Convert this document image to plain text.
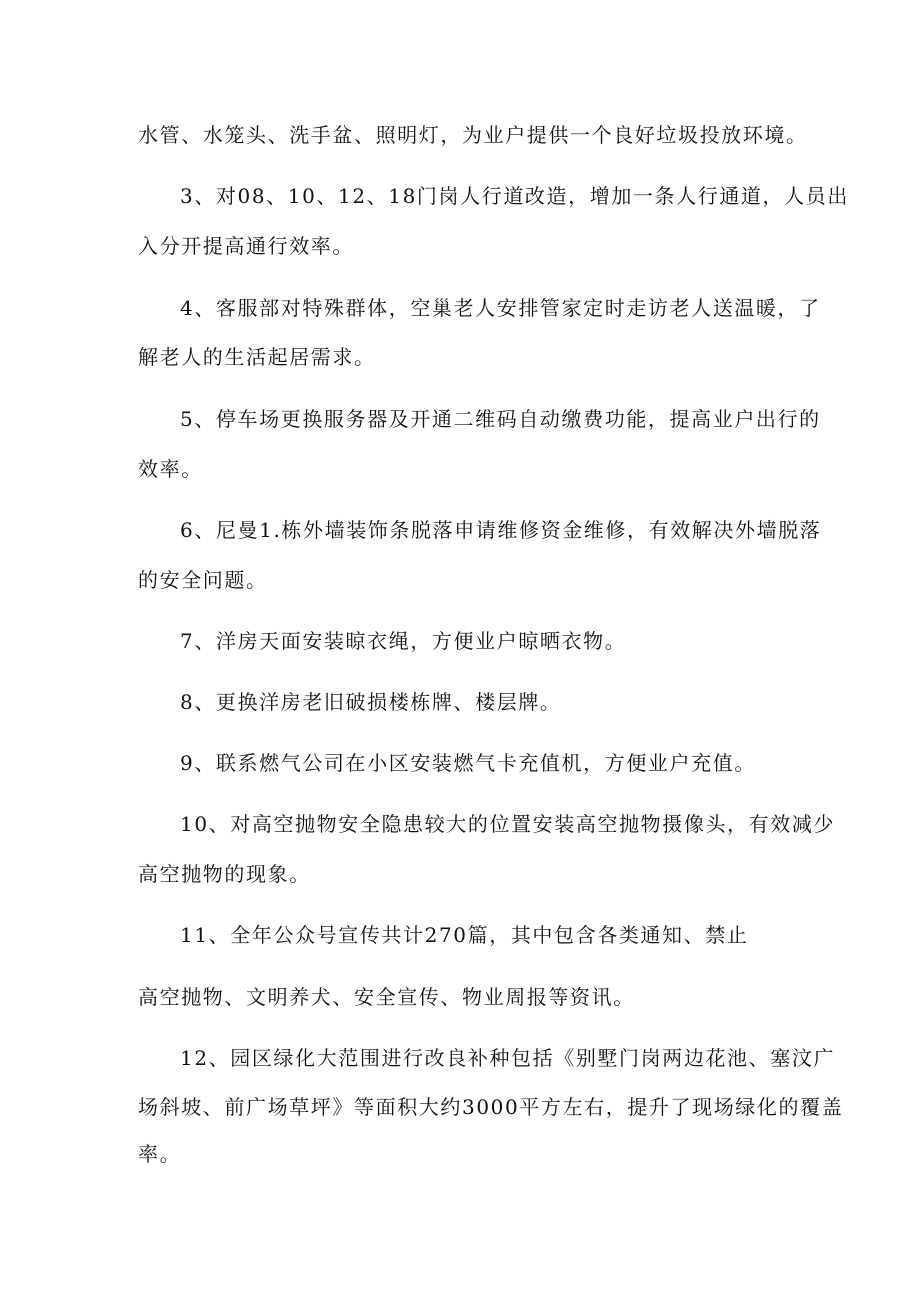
水管、水笼头、洗手盆、照明灯，为业户提供一个良好垃圾投放环境。
3、对08、10、12、18门岗人行道改造，增加一条人行通道，人员出
入分开提高通行效率。
4、客服部对特殊群体，空巢老人安排管家定时走访老人送温暖，了
解老人的生活起居需求。
5、停车场更换服务器及开通二维码自动缴费功能，提高业户出行的
效率。
6、尼曼1.栋外墙装饰条脱落申请维修资金维修，有效解决外墙脱落
的安全问题。
7、洋房天面安装晾衣绳，方便业户晾晒衣物。
8、更换洋房老旧破损楼栋牌、楼层牌。
9、联系燃气公司在小区安装燃气卡充值机，方便业户充值。
10、对高空抛物安全隐患较大的位置安装高空抛物摄像头，有效减少
高空抛物的现象。
11、全年公众号宣传共计270篇，其中包含各类通知、禁止
高空抛物、文明养犬、安全宣传、物业周报等资讯。
12、园区绿化大范围进行改良补种包括《别墅门岗两边花池、塞汶广
场斜坡、前广场草坪》等面积大约3000平方左右，提升了现场绿化的覆盖
率。
